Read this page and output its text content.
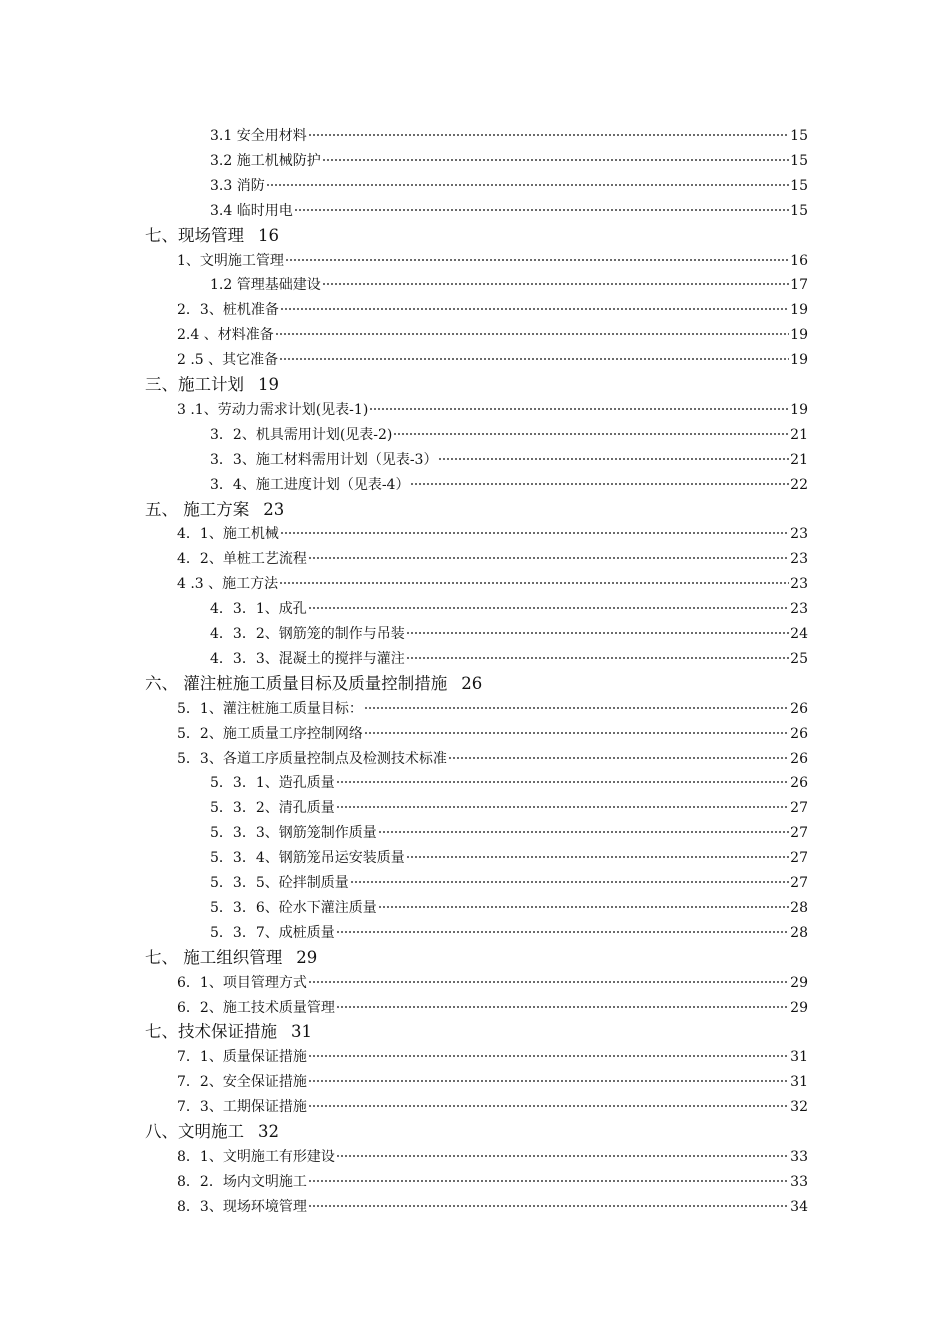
3.1 安全用材料	15
3.2 施工机械防护	15
3.3 消防	15
3.4 临时用电	15
七、现场管理 16
1、文明施工管理	16
1.2 管理基础建设	17
2．3、桩机准备	19
2.4 、材料准备	19
2 .5 、其它准备	19
三、施工计划 19
3 .1、劳动力需求计划(见表-1)	19
3．2、机具需用计划(见表-2)	21
3．3、施工材料需用计划（见表-3）	21
3．4、施工进度计划（见表-4）	22
五、 施工方案 23
4．1、施工机械	23
4．2、单桩工艺流程	23
4 .3 、施工方法	23
4．3．1、成孔	23
4．3．2、钢筋笼的制作与吊装	24
4．3．3、混凝土的搅拌与灌注	25
六、 灌注桩施工质量目标及质量控制措施 26
5．1、灌注桩施工质量目标：	26
5．2、施工质量工序控制网络	26
5．3、各道工序质量控制点及检测技术标准	26
5．3．1、造孔质量	26
5．3．2、清孔质量	27
5．3．3、钢筋笼制作质量	27
5．3．4、钢筋笼吊运安装质量	27
5．3．5、砼拌制质量	27
5．3．6、砼水下灌注质量	28
5．3．7、成桩质量	28
七、 施工组织管理 29
6．1、项目管理方式	29
6．2、施工技术质量管理	29
七、技术保证措施 31
7．1、质量保证措施	31
7．2、安全保证措施	31
7．3、工期保证措施	32
八、文明施工 32
8．1、文明施工有形建设	33
8．2．场内文明施工	33
8．3、现场环境管理	34
